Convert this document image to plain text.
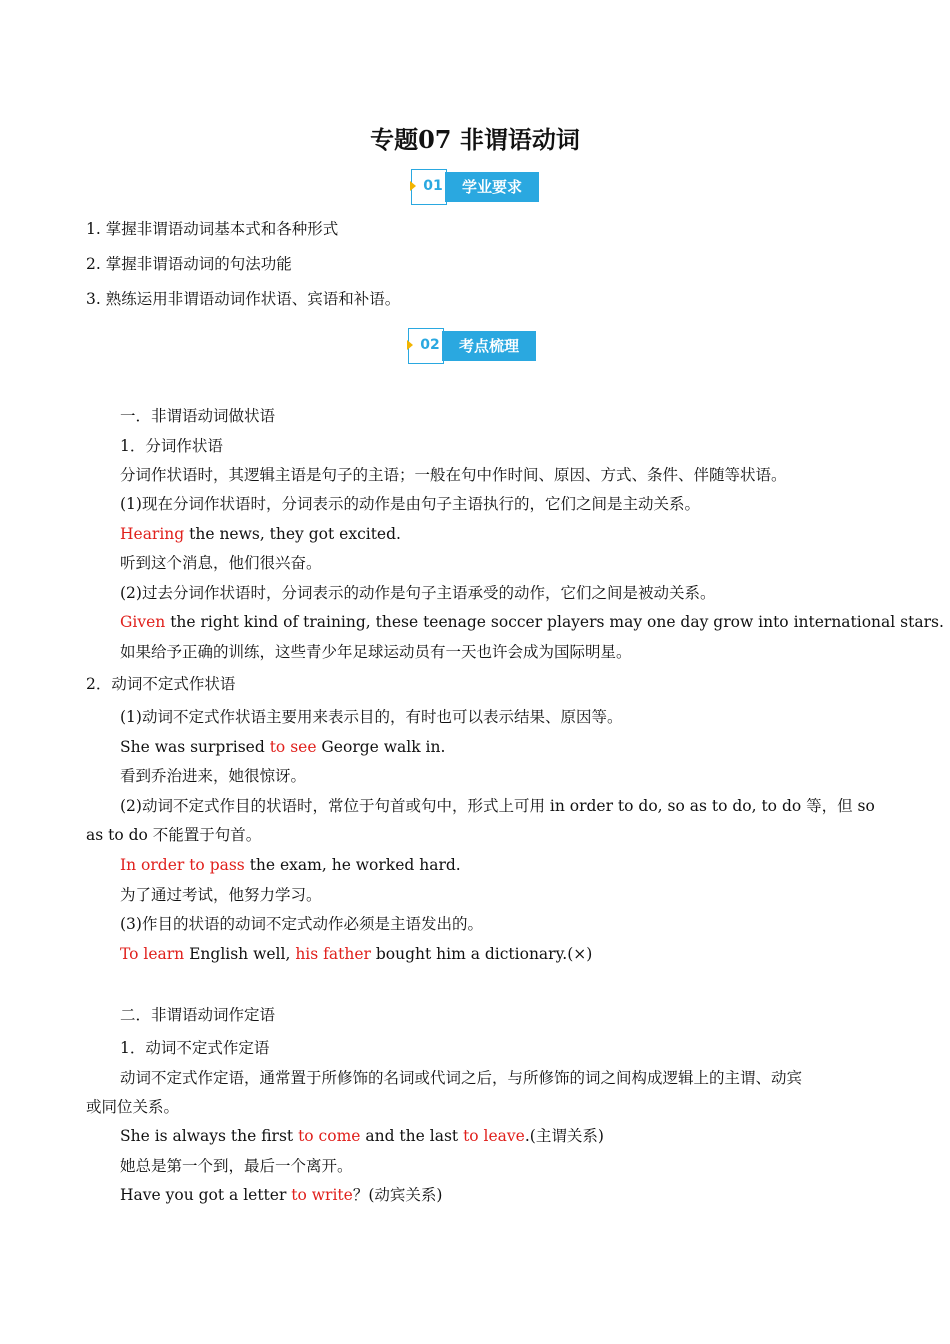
专题07 非谓语动词
01	学业要求
1. 掌握非谓语动词基本式和各种形式
2. 掌握非谓语动词的句法功能
3. 熟练运用非谓语动词作状语、宾语和补语。
02	考点梳理
一．非谓语动词做状语
1．分词作状语
分词作状语时，其逻辑主语是句子的主语；一般在句中作时间、原因、方式、条件、伴随等状语。
(1)现在分词作状语时，分词表示的动作是由句子主语执行的，它们之间是主动关系。
Hearing the news, they got excited.
听到这个消息，他们很兴奋。
(2)过去分词作状语时，分词表示的动作是句子主语承受的动作，它们之间是被动关系。
Given the right kind of training, these teenage soccer players may one day grow into international stars.
如果给予正确的训练，这些青少年足球运动员有一天也许会成为国际明星。
2．动词不定式作状语
(1)动词不定式作状语主要用来表示目的，有时也可以表示结果、原因等。
She was surprised to see George walk in.
看到乔治进来，她很惊讶。
(2)动词不定式作目的状语时，常位于句首或句中，形式上可用 in order to do, so as to do, to do 等，但 so
as to do 不能置于句首。
In order to pass the exam, he worked hard.
为了通过考试，他努力学习。
(3)作目的状语的动词不定式动作必须是主语发出的。
To learn English well, his father bought him a dictionary.(×)
二．非谓语动词作定语
1．动词不定式作定语
动词不定式作定语，通常置于所修饰的名词或代词之后，与所修饰的词之间构成逻辑上的主谓、动宾
或同位关系。
She is always the first to come and the last to leave.(主谓关系)
她总是第一个到，最后一个离开。
Have you got a letter to write？(动宾关系)
